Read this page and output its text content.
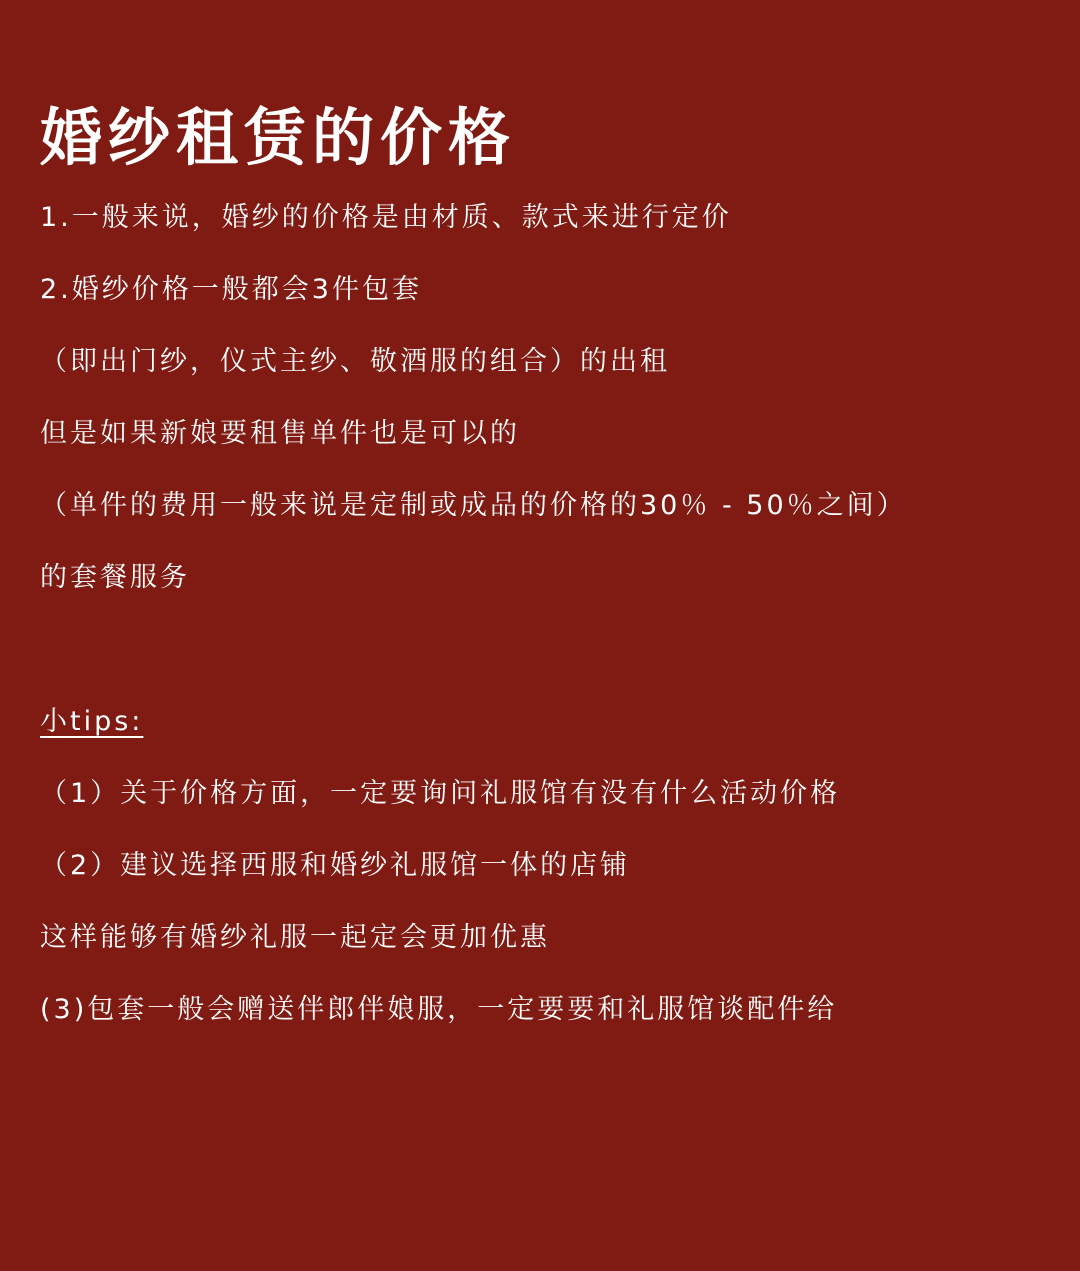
婚纱租赁的价格

1.一般来说，婚纱的价格是由材质、款式来进行定价

2.婚纱价格一般都会3件包套

（即出门纱，仪式主纱、敬酒服的组合）的出租

但是如果新娘要租售单件也是可以的

（单件的费用一般来说是定制或成品的价格的30％ - 50％之间）

的套餐服务

小tips:

（1）关于价格方面，一定要询问礼服馆有没有什么活动价格

（2）建议选择西服和婚纱礼服馆一体的店铺

这样能够有婚纱礼服一起定会更加优惠

(3)包套一般会赠送伴郎伴娘服，一定要要和礼服馆谈配件给
